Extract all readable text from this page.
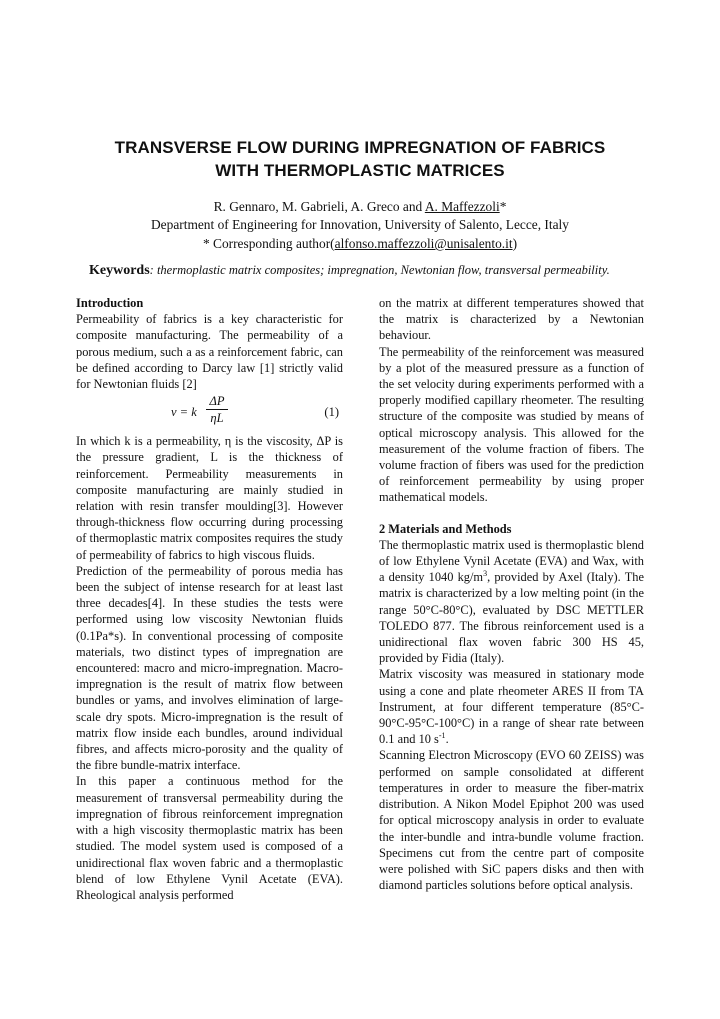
TRANSVERSE FLOW DURING IMPREGNATION OF FABRICS
WITH THERMOPLASTIC MATRICES
R. Gennaro, M. Gabrieli, A. Greco and A. Maffezzoli*
Department of Engineering for Innovation, University of Salento, Lecce, Italy
* Corresponding author(alfonso.maffezzoli@unisalento.it)
Keywords: thermoplastic matrix composites; impregnation, Newtonian flow, transversal permeability.

Introduction

Permeability of fabrics is a key characteristic for composite manufacturing. The permeability of a porous medium, such a as a reinforcement fabric, can be defined according to Darcy law [1] strictly valid for Newtonian fluids [2]

v = k $\frac{\Delta P}{\eta L}$	(1)

In which k is a permeability, η is the viscosity, ΔP is the pressure gradient, L is the thickness of reinforcement. Permeability measurements in composite manufacturing are mainly studied in relation with resin transfer moulding[3]. However through-thickness flow occurring during processing of thermoplastic matrix composites requires the study of permeability of fabrics to high viscous fluids.

Prediction of the permeability of porous media has been the subject of intense research for at least last three decades[4]. In these studies the tests were performed using low viscosity Newtonian fluids (0.1Pa*s). In conventional processing of composite materials, two distinct types of impregnation are encountered: macro and micro-impregnation. Macro-impregnation is the result of matrix flow between bundles or yams, and involves elimination of large-scale dry spots. Micro-impregnation is the result of matrix flow inside each bundles, around individual fibres, and affects micro-porosity and the quality of the fibre bundle-matrix interface.

In this paper a continuous method for the measurement of transversal permeability during the impregnation of fibrous reinforcement impregnation with a high viscosity thermoplastic matrix has been studied. The model system used is composed of a unidirectional flax woven fabric and a thermoplastic blend of low Ethylene Vynil Acetate (EVA). Rheological analysis performed

on the matrix at different temperatures showed that the matrix is characterized by a Newtonian behaviour.

The permeability of the reinforcement was measured by a plot of the measured pressure as a function of the set velocity during experiments performed with a properly modified capillary rheometer. The resulting structure of the composite was studied by means of optical microscopy analysis. This allowed for the measurement of the volume fraction of fibers. The volume fraction of fibers was used for the prediction of reinforcement permeability by using proper mathematical models.

2 Materials and Methods

The thermoplastic matrix used is thermoplastic blend of low Ethylene Vynil Acetate (EVA) and Wax, with a density 1040 $kg/m^3$, provided by Axel (Italy). The matrix is characterized by a low melting point (in the range 50°C-80°C), evaluated by DSC METTLER TOLEDO 877. The fibrous reinforcement used is a unidirectional flax woven fabric 300 HS 45, provided by Fidia (Italy).

Matrix viscosity was measured in stationary mode using a cone and plate rheometer ARES II from TA Instrument, at four different temperature (85°C-90°C-95°C-100°C) in a range of shear rate between 0.1 and 10 $s^{-1}$.

Scanning Electron Microscopy (EVO 60 ZEISS) was performed on sample consolidated at different temperatures in order to measure the fiber-matrix distribution. A Nikon Model Epiphot 200 was used for optical microscopy analysis in order to evaluate the inter-bundle and intra-bundle volume fraction. Specimens cut from the centre part of composite were polished with SiC papers disks and then with diamond particles solutions before optical analysis.
